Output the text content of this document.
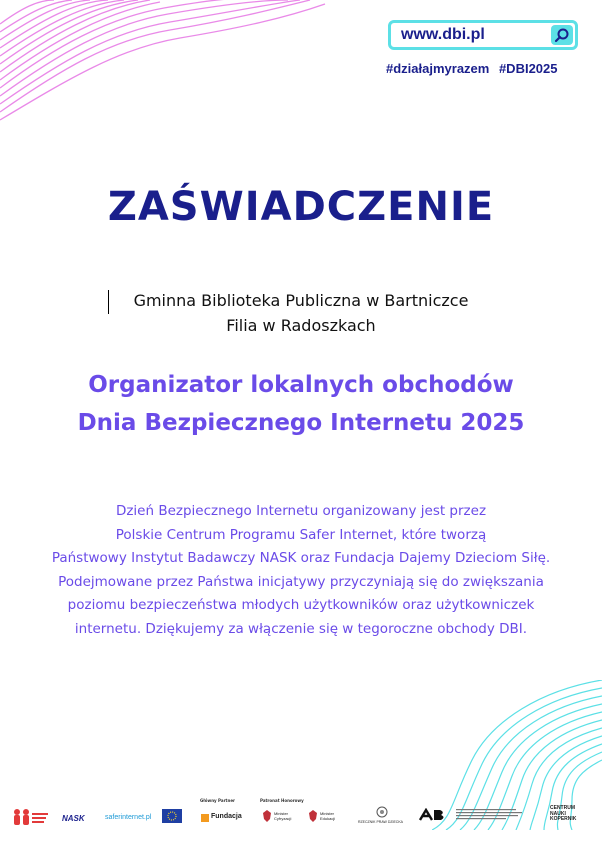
www.dbi.pl
#działajmyrazem #DBI2025
ZAŚWIADCZENIE
Gminna Biblioteka Publiczna w Bartniczce
Filia w Radoszkach
Organizator lokalnych obchodów
Dnia Bezpiecznego Internetu 2025
Dzień Bezpiecznego Internetu organizowany jest przez
Polskie Centrum Programu Safer Internet, które tworzą
Państwowy Instytut Badawczy NASK oraz Fundacja Dajemy Dzieciom Siłę.
Podejmowane przez Państwa inicjatywy przyczyniają się do zwiększania
poziomu bezpieczeństwa młodych użytkowników oraz użytkowniczek
internetu. Dziękujemy za włączenie się w tegoroczne obchody DBI.
NASK	saferinternet.pl
Główny Partner
Fundacja
Patronat Honorowy
Minister Cyfryzacji
Minister Edukacji
RZECZNIK PRAW DZIECKA
CENTRUM NAUKI KOPERNIK
